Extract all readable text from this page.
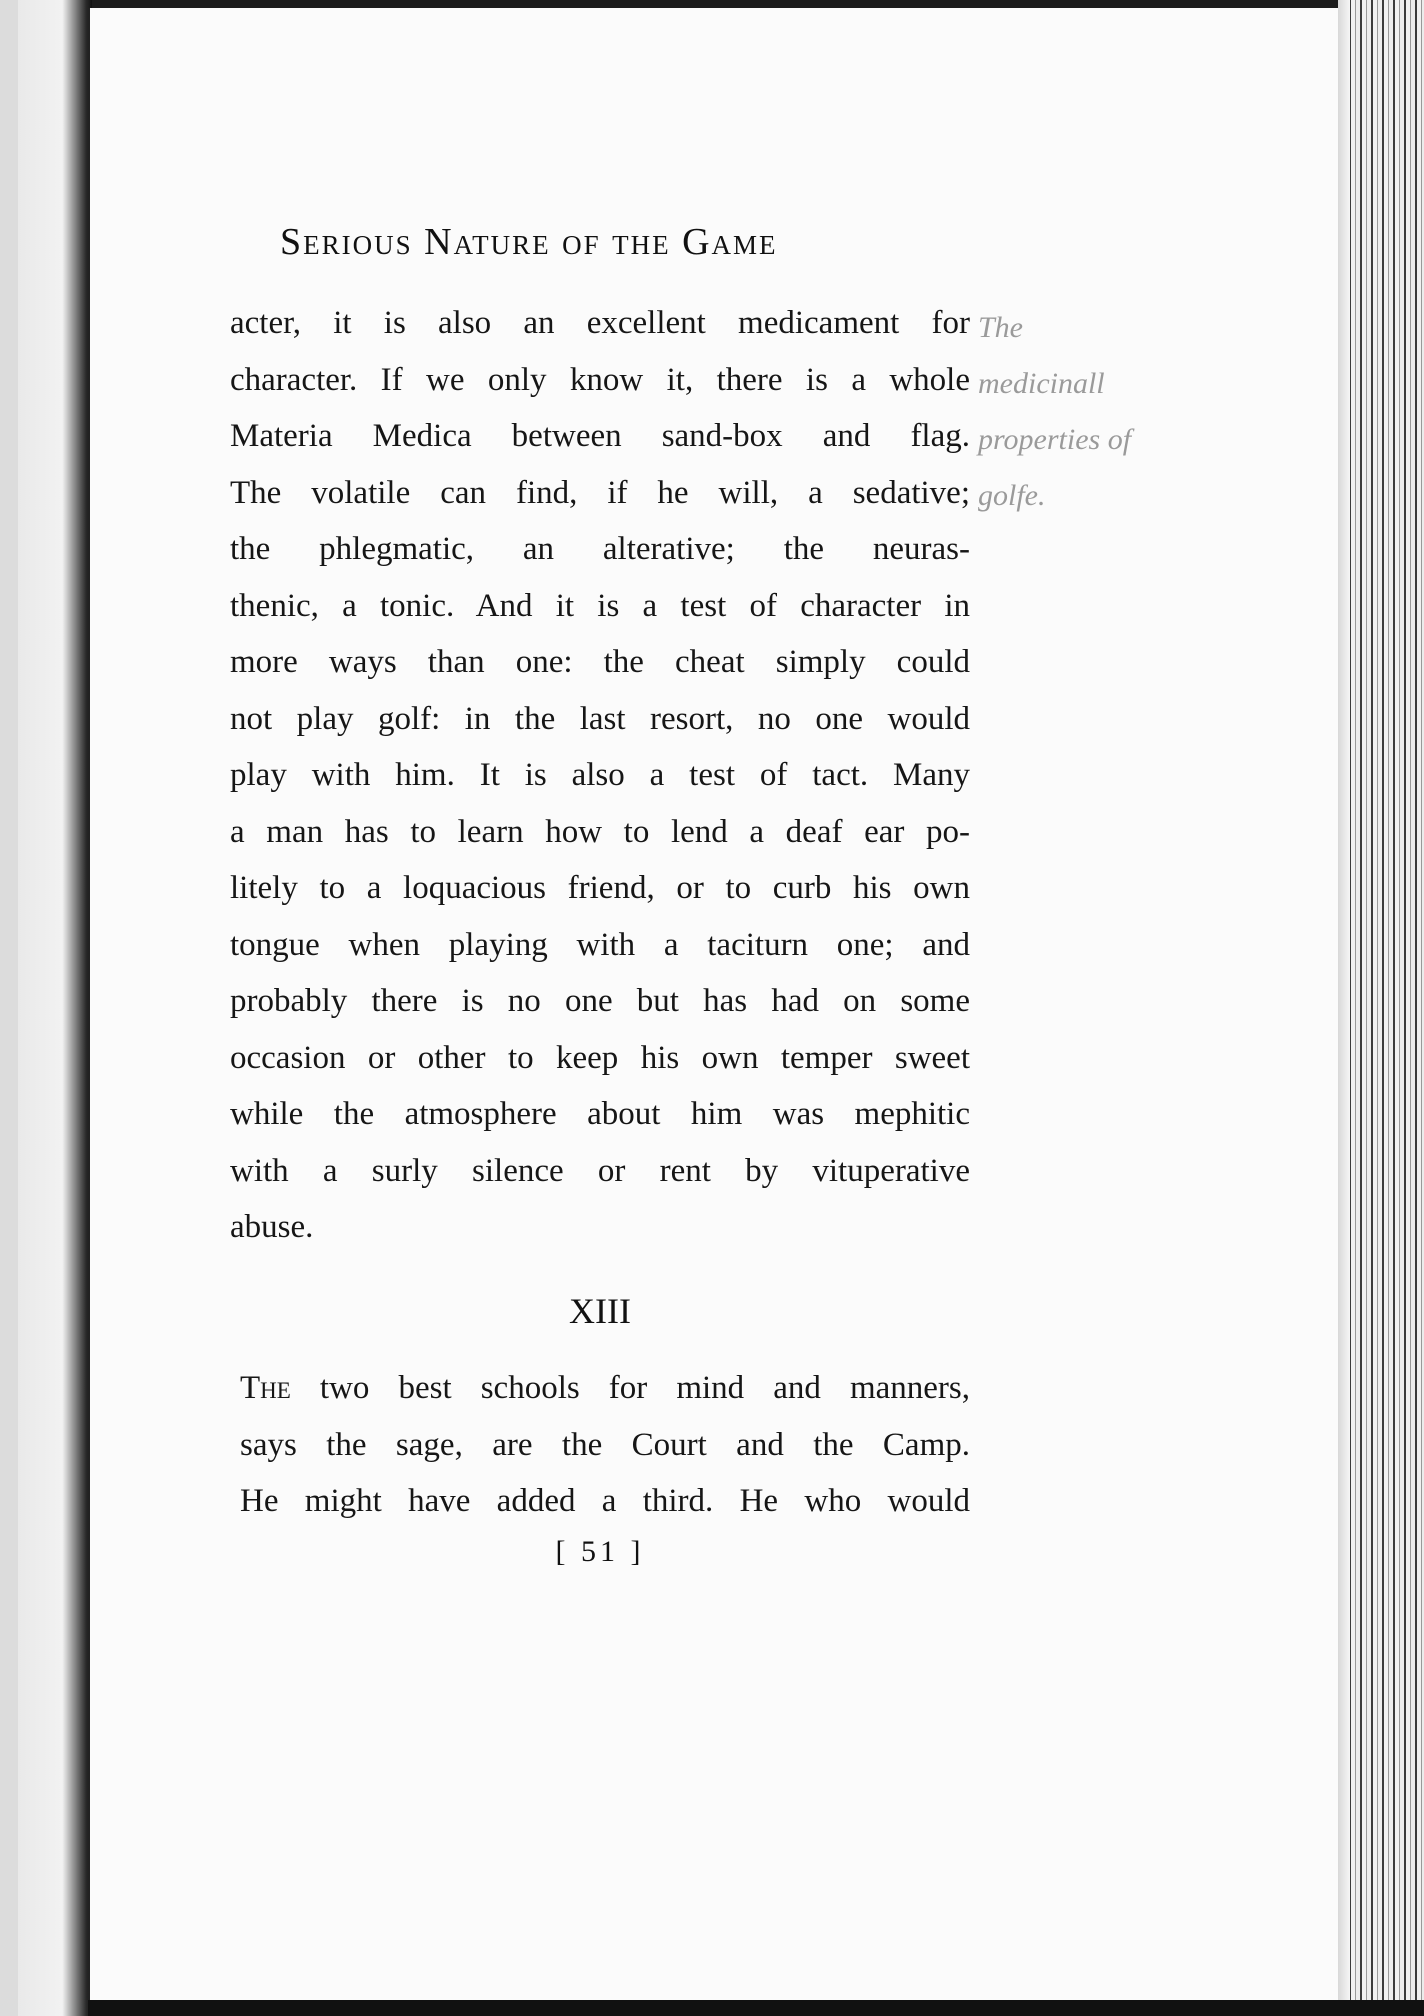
Serious Nature of the Game
acter, it is also an excellent medicament for
character. If we only know it, there is a whole
Materia Medica between sand-box and flag.
The volatile can find, if he will, a sedative;
the phlegmatic, an alterative; the neuras-
thenic, a tonic. And it is a test of character in
more ways than one: the cheat simply could
not play golf: in the last resort, no one would
play with him. It is also a test of tact. Many
a man has to learn how to lend a deaf ear po-
litely to a loquacious friend, or to curb his own
tongue when playing with a taciturn one; and
probably there is no one but has had on some
occasion or other to keep his own temper sweet
while the atmosphere about him was mephitic
with a surly silence or rent by vituperative
abuse.
The
medicinall
properties of
golfe.
XIII
The two best schools for mind and manners,
says the sage, are the Court and the Camp.
He might have added a third. He who would
[ 51 ]
